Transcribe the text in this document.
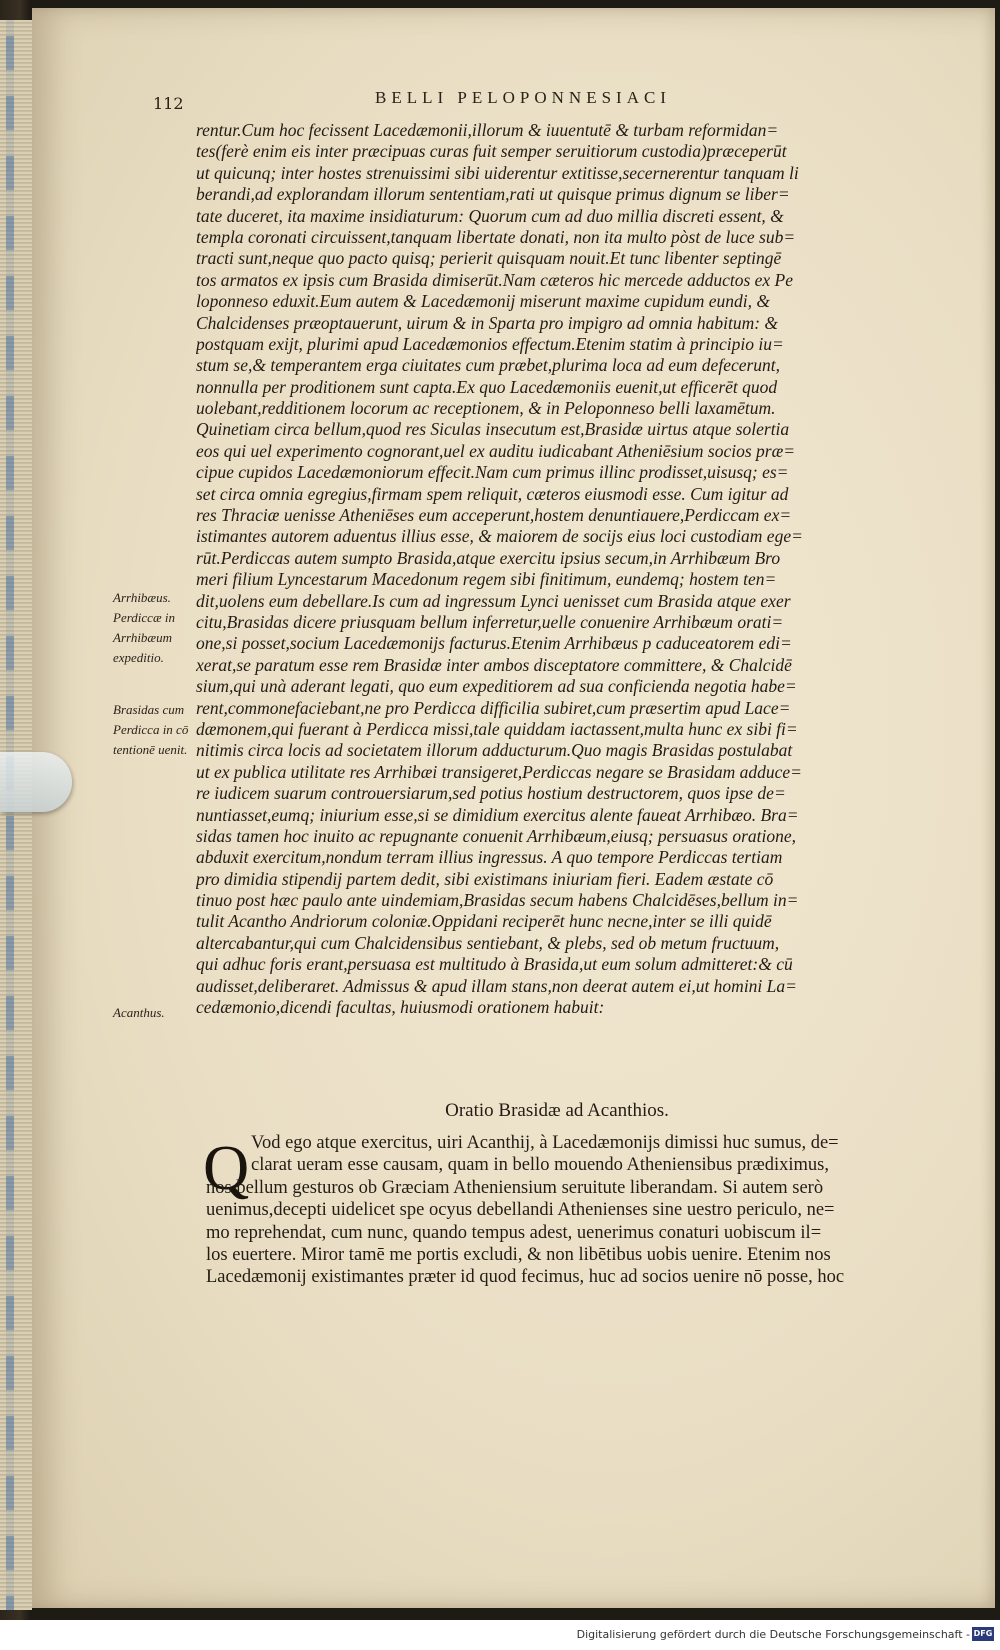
112	BELLI PELOPONNESIACI
rentur.Cum hoc fecissent Lacedæmonii,illorum & iuuentutē & turbam reformidan=
tes(ferè enim eis inter præcipuas curas fuit semper seruitiorum custodia)præceperūt
ut quicunq; inter hostes strenuissimi sibi uiderentur extitisse,secernerentur tanquam li
berandi,ad explorandam illorum sententiam,rati ut quisque primus dignum se liber=
tate duceret, ita maxime insidiaturum: Quorum cum ad duo millia discreti essent, &
templa coronati circuissent,tanquam libertate donati, non ita multo pòst de luce sub=
tracti sunt,neque quo pacto quisq; perierit quisquam nouit.Et tunc libenter septingē
tos armatos ex ipsis cum Brasida dimiserūt.Nam cæteros hic mercede adductos ex Pe
loponneso eduxit.Eum autem & Lacedæmonij miserunt maxime cupidum eundi, &
Chalcidenses præoptauerunt, uirum & in Sparta pro impigro ad omnia habitum: &
postquam exijt, plurimi apud Lacedæmonios effectum.Etenim statim à principio iu=
stum se,& temperantem erga ciuitates cum præbet,plurima loca ad eum defecerunt,
nonnulla per proditionem sunt capta.Ex quo Lacedæmoniis euenit,ut efficerēt quod
uolebant,redditionem locorum ac receptionem, & in Peloponneso belli laxamētum.
Quinetiam circa bellum,quod res Siculas insecutum est,Brasidæ uirtus atque solertia
eos qui uel experimento cognorant,uel ex auditu iudicabant Atheniēsium socios præ=
cipue cupidos Lacedæmoniorum effecit.Nam cum primus illinc prodisset,uisusq; es=
set circa omnia egregius,firmam spem reliquit, cæteros eiusmodi esse. Cum igitur ad
res Thraciæ uenisse Atheniēses eum acceperunt,hostem denuntiauere,Perdiccam ex=
istimantes autorem aduentus illius esse, & maiorem de socijs eius loci custodiam ege=
rūt.Perdiccas autem sumpto Brasida,atque exercitu ipsius secum,in Arrhibæum Bro
meri filium Lyncestarum Macedonum regem sibi finitimum, eundemq; hostem ten=
dit,uolens eum debellare.Is cum ad ingressum Lynci uenisset cum Brasida atque exer
citu,Brasidas dicere priusquam bellum inferretur,uelle conuenire Arrhibæum orati=
one,si posset,socium Lacedæmonijs facturus.Etenim Arrhibæus p caduceatorem edi=
xerat,se paratum esse rem Brasidæ inter ambos disceptatore committere, & Chalcidē
sium,qui unà aderant legati, quo eum expeditiorem ad sua conficienda negotia habe=
rent,commonefaciebant,ne pro Perdicca difficilia subiret,cum præsertim apud Lace=
dæmonem,qui fuerant à Perdicca missi,tale quiddam iactassent,multa hunc ex sibi fi=
nitimis circa locis ad societatem illorum adducturum.Quo magis Brasidas postulabat
ut ex publica utilitate res Arrhibæi transigeret,Perdiccas negare se Brasidam adduce=
re iudicem suarum controuersiarum,sed potius hostium destructorem, quos ipse de=
nuntiasset,eumq; iniurium esse,si se dimidium exercitus alente faueat Arrhibæo. Bra=
sidas tamen hoc inuito ac repugnante conuenit Arrhibæum,eiusq; persuasus oratione,
abduxit exercitum,nondum terram illius ingressus. A quo tempore Perdiccas tertiam
pro dimidia stipendij partem dedit, sibi existimans iniuriam fieri. Eadem æstate cō
tinuo post hæc paulo ante uindemiam,Brasidas secum habens Chalcidēses,bellum in=
tulit Acantho Andriorum coloniæ.Oppidani reciperēt hunc necne,inter se illi quidē
altercabantur,qui cum Chalcidensibus sentiebant, & plebs, sed ob metum fructuum,
qui adhuc foris erant,persuasa est multitudo à Brasida,ut eum solum admitteret:& cū
audisset,deliberaret. Admissus & apud illam stans,non deerat autem ei,ut homini La=
cedæmonio,dicendi facultas, huiusmodi orationem habuit:
Arrhibæus.
Perdiccæ in
Arrhibæum
expeditio.
Brasidas cum
Perdicca in cō
tentionē uenit.
Acanthus.
Oratio Brasidæ ad Acanthios.
Q Vod ego atque exercitus, uiri Acanthij, à Lacedæmonijs dimissi huc sumus, de=
clarat ueram esse causam, quam in bello mouendo Atheniensibus prædiximus,
nos bellum gesturos ob Græciam Atheniensium seruitute liberandam. Si autem serò
uenimus,decepti uidelicet spe ocyus debellandi Athenienses sine uestro periculo, ne=
mo reprehendat, cum nunc, quando tempus adest, uenerimus conaturi uobiscum il=
los euertere. Miror tamē me portis excludi, & non libētibus uobis uenire. Etenim nos
Lacedæmonij existimantes præter id quod fecimus, huc ad socios uenire nō posse, hoc
Digitalisierung gefördert durch die Deutsche Forschungsgemeinschaft - DFG
